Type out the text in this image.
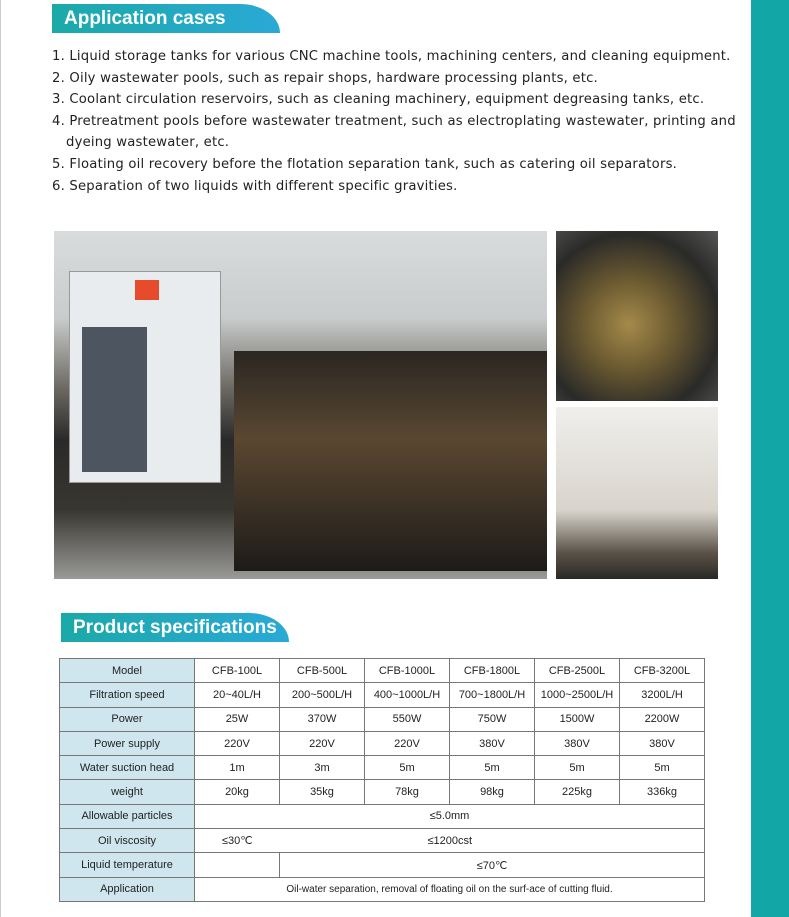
Application cases
1. Liquid storage tanks for various CNC machine tools, machining centers, and cleaning equipment.
2. Oily wastewater pools, such as repair shops, hardware processing plants, etc.
3. Coolant circulation reservoirs, such as cleaning machinery, equipment degreasing tanks, etc.
4. Pretreatment pools before wastewater treatment, such as electroplating wastewater, printing and dyeing wastewater, etc.
5. Floating oil recovery before the flotation separation tank, such as catering oil separators.
6. Separation of two liquids with different specific gravities.
Product specifications
Model	CFB-100L	CFB-500L	CFB-1000L	CFB-1800L	CFB-2500L	CFB-3200L
Filtration speed	20~40L/H	200~500L/H	400~1000L/H	700~1800L/H	1000~2500L/H	3200L/H
Power	25W	370W	550W	750W	1500W	2200W
Power supply	220V	220V	220V	380V	380V	380V
Water suction head	1m	3m	5m	5m	5m	5m
weight	20kg	35kg	78kg	98kg	225kg	336kg
Allowable particles	≤5.0mm					
Oil viscosity	≤30℃	≤1200cst				
Liquid temperature		≤70℃				
Application	Oil-water separation, removal of floating oil on the surf-ace of cutting fluid.					
